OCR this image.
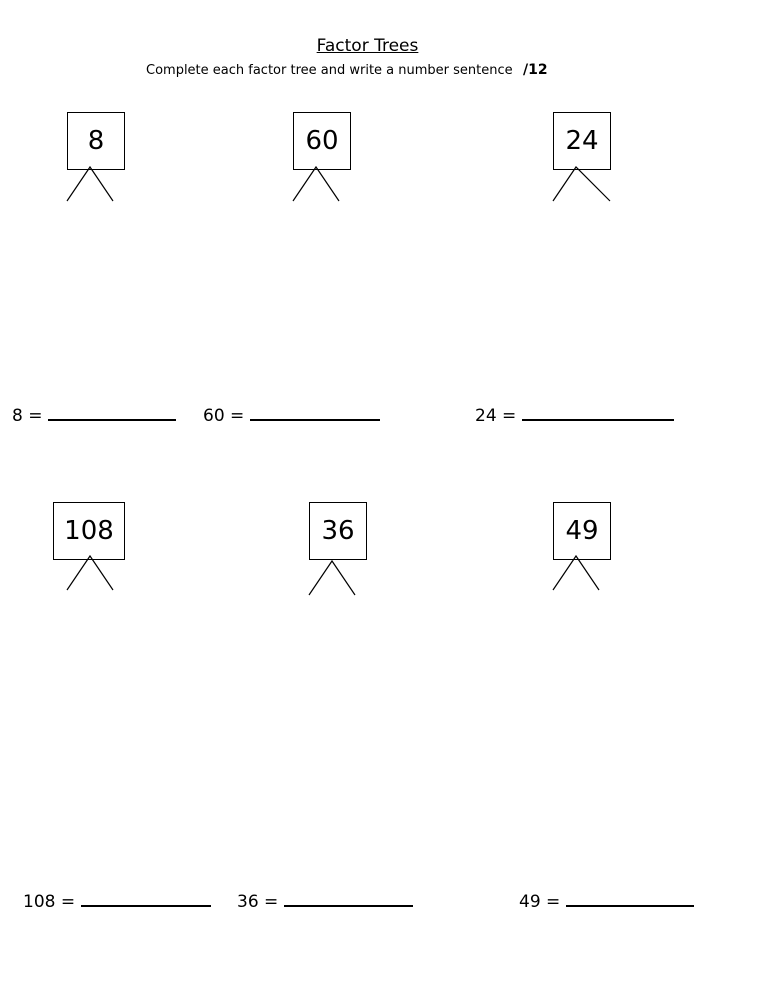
Factor Trees
Complete each factor tree and write a number sentence /12
8	60	24
108	36	49
8 =	60 =	24 =
108 =	36 =	49 =
